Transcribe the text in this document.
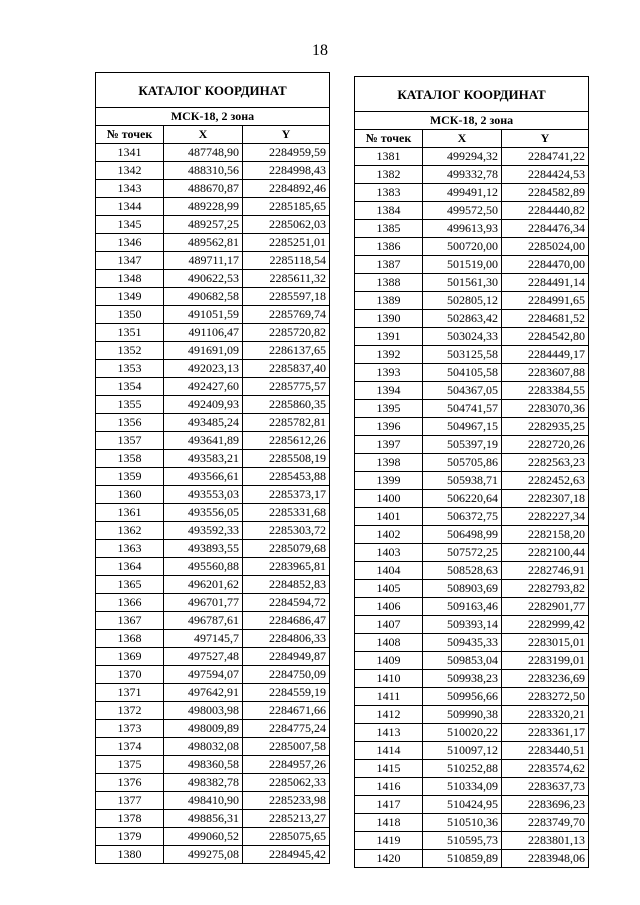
18
КАТАЛОГ КООРДИНАТ		
МСК-18, 2 зона		
№ точек	X	Y
1341	487748,90	2284959,59
1342	488310,56	2284998,43
1343	488670,87	2284892,46
1344	489228,99	2285185,65
1345	489257,25	2285062,03
1346	489562,81	2285251,01
1347	489711,17	2285118,54
1348	490622,53	2285611,32
1349	490682,58	2285597,18
1350	491051,59	2285769,74
1351	491106,47	2285720,82
1352	491691,09	2286137,65
1353	492023,13	2285837,40
1354	492427,60	2285775,57
1355	492409,93	2285860,35
1356	493485,24	2285782,81
1357	493641,89	2285612,26
1358	493583,21	2285508,19
1359	493566,61	2285453,88
1360	493553,03	2285373,17
1361	493556,05	2285331,68
1362	493592,33	2285303,72
1363	493893,55	2285079,68
1364	495560,88	2283965,81
1365	496201,62	2284852,83
1366	496701,77	2284594,72
1367	496787,61	2284686,47
1368	497145,7	2284806,33
1369	497527,48	2284949,87
1370	497594,07	2284750,09
1371	497642,91	2284559,19
1372	498003,98	2284671,66
1373	498009,89	2284775,24
1374	498032,08	2285007,58
1375	498360,58	2284957,26
1376	498382,78	2285062,33
1377	498410,90	2285233,98
1378	498856,31	2285213,27
1379	499060,52	2285075,65
1380	499275,08	2284945,42
КАТАЛОГ КООРДИНАТ		
МСК-18, 2 зона		
№ точек	X	Y
1381	499294,32	2284741,22
1382	499332,78	2284424,53
1383	499491,12	2284582,89
1384	499572,50	2284440,82
1385	499613,93	2284476,34
1386	500720,00	2285024,00
1387	501519,00	2284470,00
1388	501561,30	2284491,14
1389	502805,12	2284991,65
1390	502863,42	2284681,52
1391	503024,33	2284542,80
1392	503125,58	2284449,17
1393	504105,58	2283607,88
1394	504367,05	2283384,55
1395	504741,57	2283070,36
1396	504967,15	2282935,25
1397	505397,19	2282720,26
1398	505705,86	2282563,23
1399	505938,71	2282452,63
1400	506220,64	2282307,18
1401	506372,75	2282227,34
1402	506498,99	2282158,20
1403	507572,25	2282100,44
1404	508528,63	2282746,91
1405	508903,69	2282793,82
1406	509163,46	2282901,77
1407	509393,14	2282999,42
1408	509435,33	2283015,01
1409	509853,04	2283199,01
1410	509938,23	2283236,69
1411	509956,66	2283272,50
1412	509990,38	2283320,21
1413	510020,22	2283361,17
1414	510097,12	2283440,51
1415	510252,88	2283574,62
1416	510334,09	2283637,73
1417	510424,95	2283696,23
1418	510510,36	2283749,70
1419	510595,73	2283801,13
1420	510859,89	2283948,06
